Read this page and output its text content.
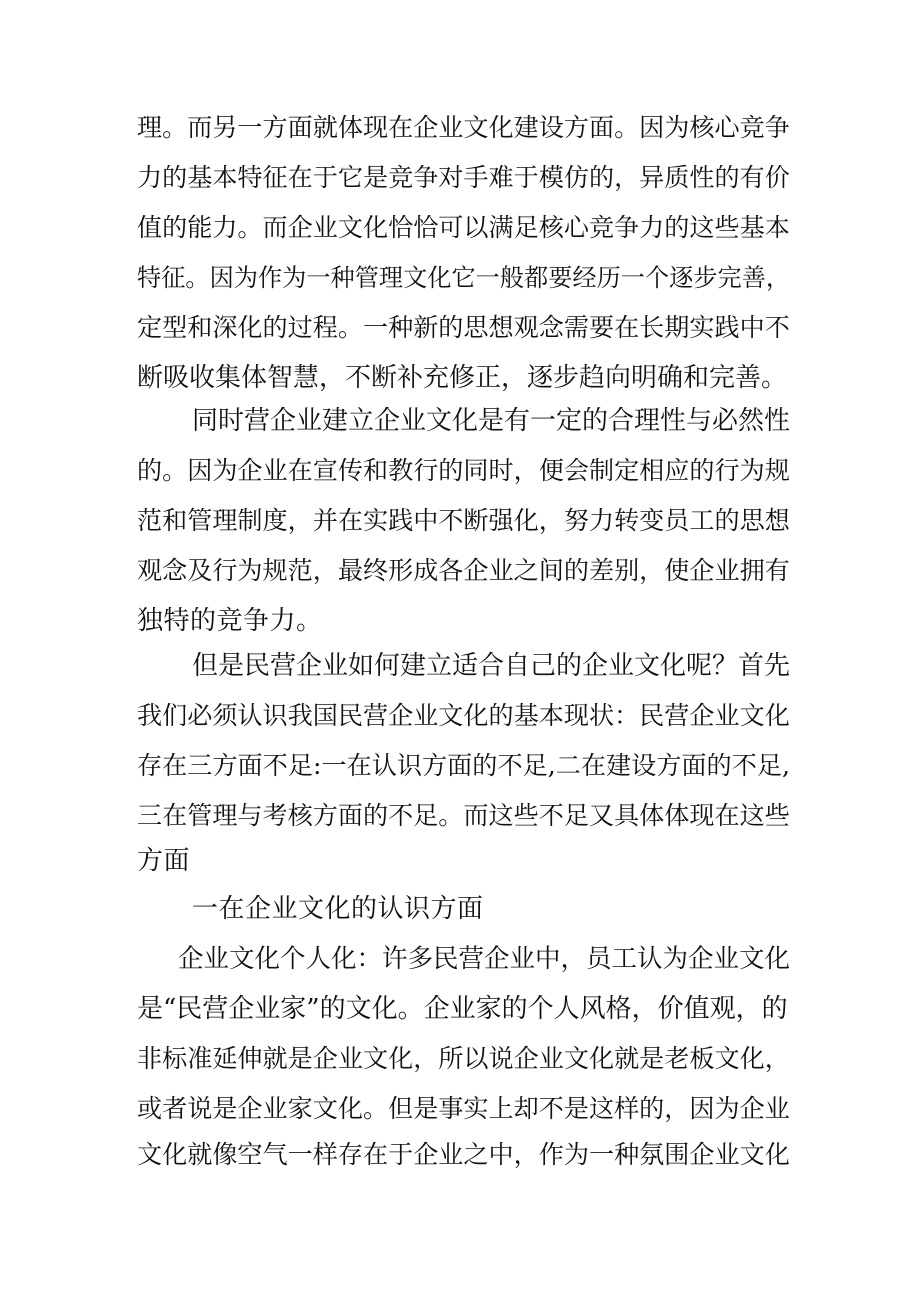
理。而另一方面就体现在企业文化建设方面。因为核心竞争
力的基本特征在于它是竞争对手难于模仿的，异质性的有价
值的能力。而企业文化恰恰可以满足核心竞争力的这些基本
特征。因为作为一种管理文化它一般都要经历一个逐步完善，
定型和深化的过程。一种新的思想观念需要在长期实践中不
断吸收集体智慧，不断补充修正，逐步趋向明确和完善。
同时营企业建立企业文化是有一定的合理性与必然性
的。因为企业在宣传和教行的同时，便会制定相应的行为规
范和管理制度，并在实践中不断强化，努力转变员工的思想
观念及行为规范，最终形成各企业之间的差别，使企业拥有
独特的竞争力。
但是民营企业如何建立适合自己的企业文化呢？首先
我们必须认识我国民营企业文化的基本现状：民营企业文化
存在三方面不足:一在认识方面的不足,二在建设方面的不足,
三在管理与考核方面的不足。而这些不足又具体体现在这些
方面
一在企业文化的认识方面
企业文化个人化：许多民营企业中，员工认为企业文化
是“民营企业家”的文化。企业家的个人风格，价值观，的
非标准延伸就是企业文化，所以说企业文化就是老板文化，
或者说是企业家文化。但是事实上却不是这样的，因为企业
文化就像空气一样存在于企业之中，作为一种氛围企业文化
